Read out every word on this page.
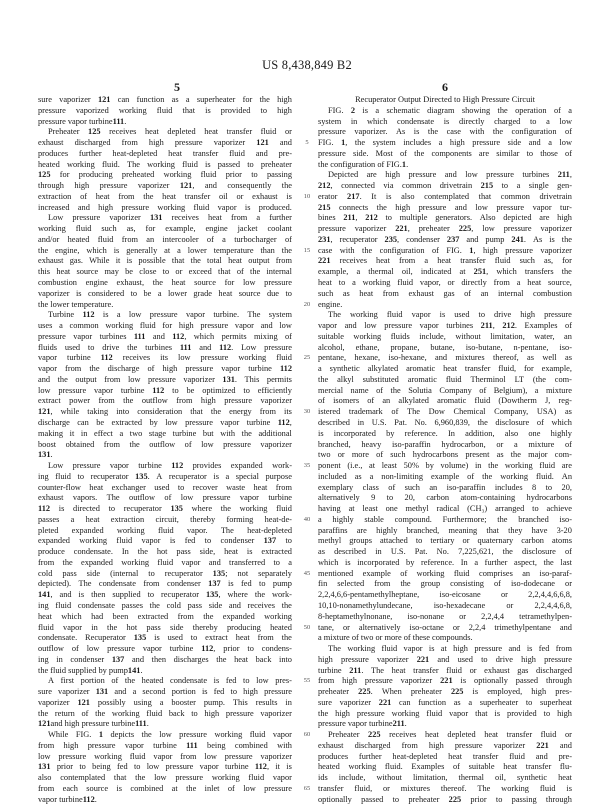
US 8,438,849 B2
5	6
sure vaporizer 121 can function as a superheater for the high
pressure vaporized working fluid that is provided to high
pressure vapor turbine 111 .
Preheater 125 receives heat depleted heat transfer fluid or
exhaust discharged from high pressure vaporizer 121 and
produces further heat-depleted heat transfer fluid and pre-
heated working fluid. The working fluid is passed to preheater
125 for producing preheated working fluid prior to passing
through high pressure vaporizer 121, and consequently the
extraction of heat from the heat transfer oil or exhaust is
increased and high pressure working fluid vapor is produced.
Low pressure vaporizer 131 receives heat from a further
working fluid such as, for example, engine jacket coolant
and/or heated fluid from an intercooler of a turbocharger of
the engine, which is generally at a lower temperature than the
exhaust gas. While it is possible that the total heat output from
this heat source may be close to or exceed that of the internal
combustion engine exhaust, the heat source for low pressure
vaporizer is considered to be a lower grade heat source due to
the lower temperature.
Turbine 112 is a low pressure vapor turbine. The system
uses a common working fluid for high pressure vapor and low
pressure vapor turbines 111 and 112, which permits mixing of
fluids used to drive the turbines 111 and 112. Low pressure
vapor turbine 112 receives its low pressure working fluid
vapor from the discharge of high pressure vapor turbine 112
and the output from low pressure vaporizer 131. This permits
low pressure vapor turbine 112 to be optimized to efficiently
extract power from the outflow from high pressure vaporizer
121, while taking into consideration that the energy from its
discharge can be extracted by low pressure vapor turbine 112,
making it in effect a two stage turbine but with the additional
boost obtained from the outflow of low pressure vaporizer
131 .
Low pressure vapor turbine 112 provides expanded work-
ing fluid to recuperator 135. A recuperator is a special purpose
counter-flow heat exchanger used to recover waste heat from
exhaust vapors. The outflow of low pressure vapor turbine
112 is directed to recuperator 135 where the working fluid
passes a heat extraction circuit, thereby forming heat-de-
pleted expanded working fluid vapor. The heat-depleted
expanded working fluid vapor is fed to condenser 137 to
produce condensate. In the hot pass side, heat is extracted
from the expanded working fluid vapor and transferred to a
cold pass side (internal to recuperator 135; not separately
depicted). The condensate from condenser 137 is fed to pump
141, and is then supplied to recuperator 135, where the work-
ing fluid condensate passes the cold pass side and receives the
heat which had been extracted from the expanded working
fluid vapor in the hot pass side thereby producing heated
condensate. Recuperator 135 is used to extract heat from the
outflow of low pressure vapor turbine 112, prior to condens-
ing in condenser 137 and then discharges the heat back into
the fluid supplied by pump 141 .
A first portion of the heated condensate is fed to low pres-
sure vaporizer 131 and a second portion is fed to high pressure
vaporizer 121 possibly using a booster pump. This results in
the return of the working fluid back to high pressure vaporizer
121 and high pressure turbine 111 .
While FIG. 1 depicts the low pressure working fluid vapor
from high pressure vapor turbine 111 being combined with
low pressure working fluid vapor from low pressure vaporizer
131 prior to being fed to low pressure vapor turbine 112, it is
also contemplated that the low pressure working fluid vapor
from each source is combined at the inlet of low pressure
vapor turbine 112 .
5
10
15
20
25
30
35
40
45
50
55
60
65
Recuperator Output Directed to High Pressure Circuit
FIG. 2 is a schematic diagram showing the operation of a
system in which condensate is directly charged to a low
pressure vaporizer. As is the case with the configuration of
FIG. 1, the system includes a high pressure side and a low
pressure side. Most of the components are similar to those of
the configuration of FIG. 1 .
Depicted are high pressure and low pressure turbines 211,
212, connected via common drivetrain 215 to a single gen-
erator 217. It is also contemplated that common drivetrain
215 connects the high pressure and low pressure vapor tur-
bines 211, 212 to multiple generators. Also depicted are high
pressure vaporizer 221, preheater 225, low pressure vaporizer
231, recuperator 235, condenser 237 and pump 241. As is the
case with the configuration of FIG. 1, high pressure vaporizer
221 receives heat from a heat transfer fluid such as, for
example, a thermal oil, indicated at 251, which transfers the
heat to a working fluid vapor, or directly from a heat source,
such as heat from exhaust gas of an internal combustion
engine.
The working fluid vapor is used to drive high pressure
vapor and low pressure vapor turbines 211, 212. Examples of
suitable working fluids include, without limitation, water, an
alcohol, ethane, propane, butane, iso-butane, n-pentane, iso-
pentane, hexane, iso-hexane, and mixtures thereof, as well as
a synthetic alkylated aromatic heat transfer fluid, for example,
the alkyl substituted aromatic fluid Therminol LT (the com-
mercial name of the Solutia Company of Belgium), a mixture
of isomers of an alkylated aromatic fluid (Dowtherm J, reg-
istered trademark of The Dow Chemical Company, USA) as
described in U.S. Pat. No. 6,960,839, the disclosure of which
is incorporated by reference. In addition, also one highly
branched, heavy iso-paraffin hydrocarbon, or a mixture of
two or more of such hydrocarbons present as the major com-
ponent (i.e., at least 50% by volume) in the working fluid are
included as a non-limiting example of the working fluid. An
exemplary class of such an iso-paraffin includes 8 to 20,
alternatively 9 to 20, carbon atom-containing hydrocarbons
having at least one methyl radical (CH₃) arranged to achieve
a highly stable compound. Furthermore; the branched iso-
paraffins are highly branched, meaning that they have 3-20
methyl groups attached to tertiary or quaternary carbon atoms
as described in U.S. Pat. No. 7,225,621, the disclosure of
which is incorporated by reference. In a further aspect, the last
mentioned example of working fluid comprises an iso-paraf-
fin selected from the group consisting of iso-dodecane or
2,2,4,6,6-pentamethylheptane, iso-eicosane or 2,2,4,4,6,6,8,
10,10-nonamethylundecane,	iso-hexadecane	or	2,2,4,4,6,8,
8-heptamethylnonane, iso-nonane or 2,2,4,4 tetramethylpen-
tane, or alternatively iso-octane or 2,2,4 trimethylpentane and
a mixture of two or more of these compounds.
The working fluid vapor is at high pressure and is fed from
high pressure vaporizer 221 and used to drive high pressure
turbine 211. The heat transfer fluid or exhaust gas discharged
from high pressure vaporizer 221 is optionally passed through
preheater 225. When preheater 225 is employed, high pres-
sure vaporizer 221 can function as a superheater to superheat
the high pressure working fluid vapor that is provided to high
pressure vapor turbine 211 .
Preheater 225 receives heat depleted heat transfer fluid or
exhaust discharged from high pressure vaporizer 221 and
produces further heat-depleted heat transfer fluid and pre-
heated working fluid. Examples of suitable heat transfer flu-
ids include, without limitation, thermal oil, synthetic heat
transfer fluid, or mixtures thereof. The working fluid is
optionally passed to preheater 225 prior to passing through
